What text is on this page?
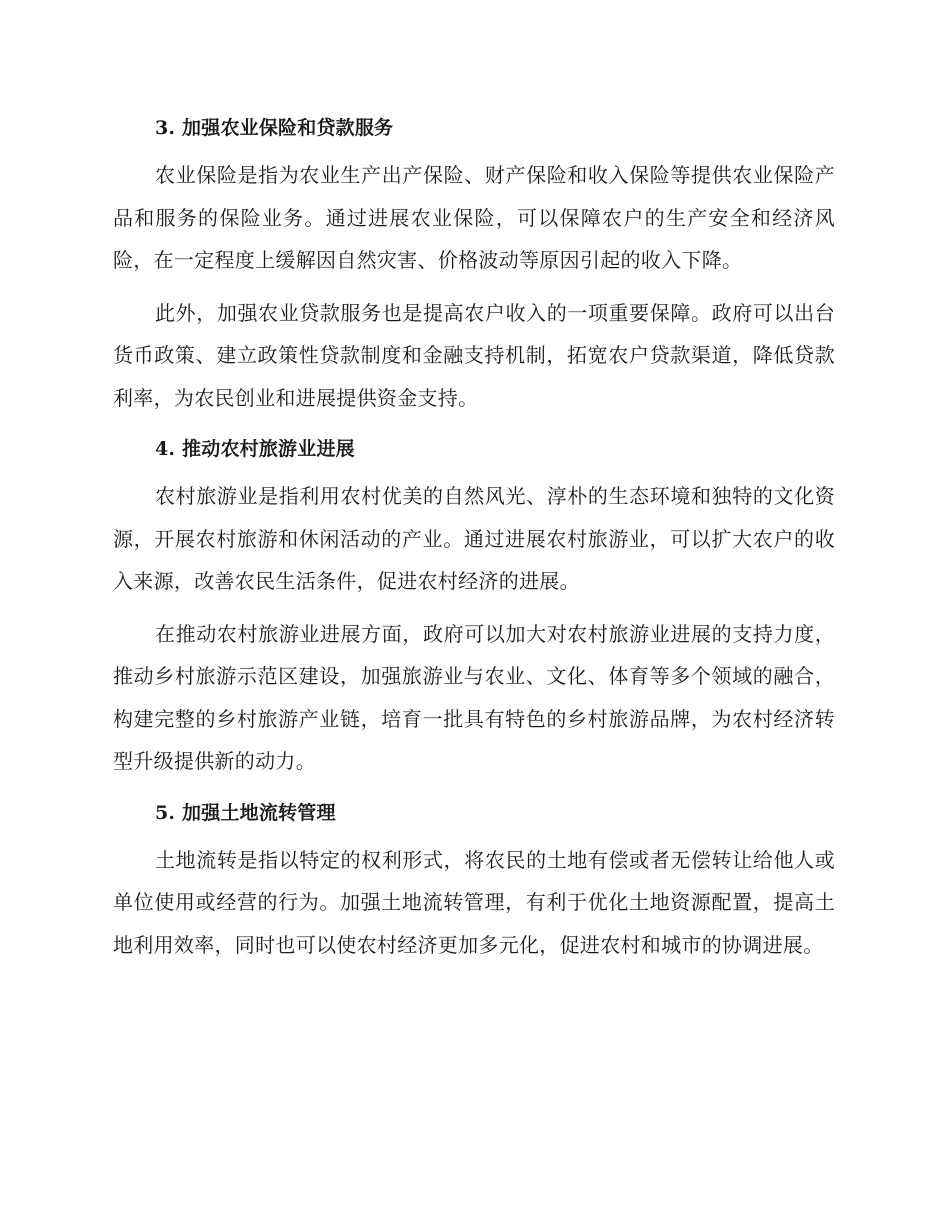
3. 加强农业保险和贷款服务

农业保险是指为农业生产出产保险、财产保险和收入保险等提供农业保险产品和服务的保险业务。通过进展农业保险，可以保障农户的生产安全和经济风险，在一定程度上缓解因自然灾害、价格波动等原因引起的收入下降。

此外，加强农业贷款服务也是提高农户收入的一项重要保障。政府可以出台货币政策、建立政策性贷款制度和金融支持机制，拓宽农户贷款渠道，降低贷款利率，为农民创业和进展提供资金支持。

4. 推动农村旅游业进展

农村旅游业是指利用农村优美的自然风光、淳朴的生态环境和独特的文化资源，开展农村旅游和休闲活动的产业。通过进展农村旅游业，可以扩大农户的收入来源，改善农民生活条件，促进农村经济的进展。

在推动农村旅游业进展方面，政府可以加大对农村旅游业进展的支持力度，推动乡村旅游示范区建设，加强旅游业与农业、文化、体育等多个领域的融合，构建完整的乡村旅游产业链，培育一批具有特色的乡村旅游品牌，为农村经济转型升级提供新的动力。

5. 加强土地流转管理

土地流转是指以特定的权利形式，将农民的土地有偿或者无偿转让给他人或单位使用或经营的行为。加强土地流转管理，有利于优化土地资源配置，提高土地利用效率，同时也可以使农村经济更加多元化，促进农村和城市的协调进展。
